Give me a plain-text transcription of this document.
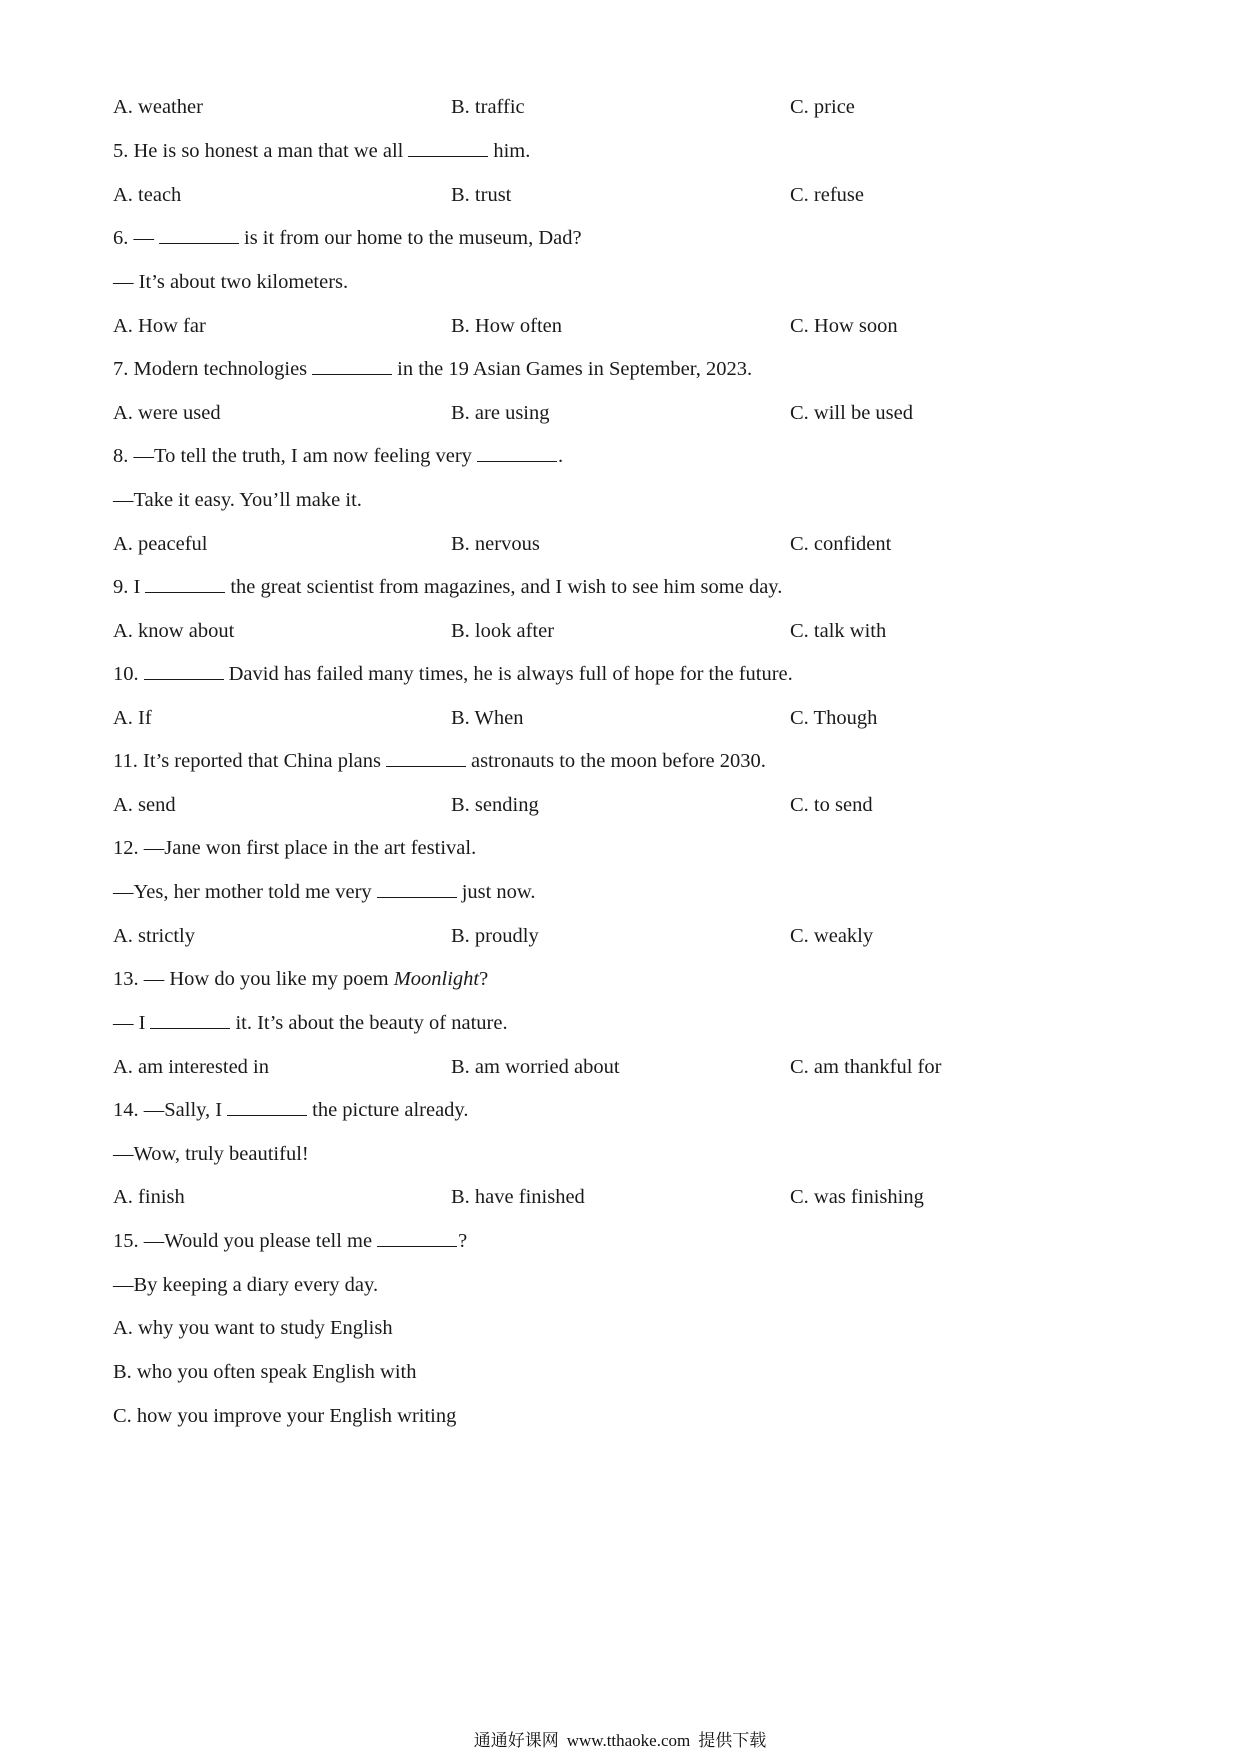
A. weather	B. traffic	C. price
5. He is so honest a man that we all	him.
A. teach	B. trust	C. refuse
6. —	is it from our home to the museum, Dad?
— It’s about two kilometers.
A. How far	B. How often	C. How soon
7. Modern technologies	in the 19 Asian Games in September, 2023.
A. were used	B. are using	C. will be used
8. —To tell the truth, I am now feeling very	.
—Take it easy. You’ll make it.
A. peaceful	B. nervous	C. confident
9. I	the great scientist from magazines, and I wish to see him some day.
A. know about	B. look after	C. talk with
10.	David has failed many times, he is always full of hope for the future.
A. If	B. When	C. Though
11. It’s reported that China plans	astronauts to the moon before 2030.
A. send	B. sending	C. to send
12. —Jane won first place in the art festival.
—Yes, her mother told me very	just now.
A. strictly	B. proudly	C. weakly
13. — How do you like my poem Moonlight?
— I	it. It’s about the beauty of nature.
A. am interested in	B. am worried about	C. am thankful for
14. —Sally, I	the picture already.
—Wow, truly beautiful!
A. finish	B. have finished	C. was finishing
15. —Would you please tell me	?
—By keeping a diary every day.
A. why you want to study English
B. who you often speak English with
C. how you improve your English writing
通通好课网 www.tthaoke.com 提供下载
